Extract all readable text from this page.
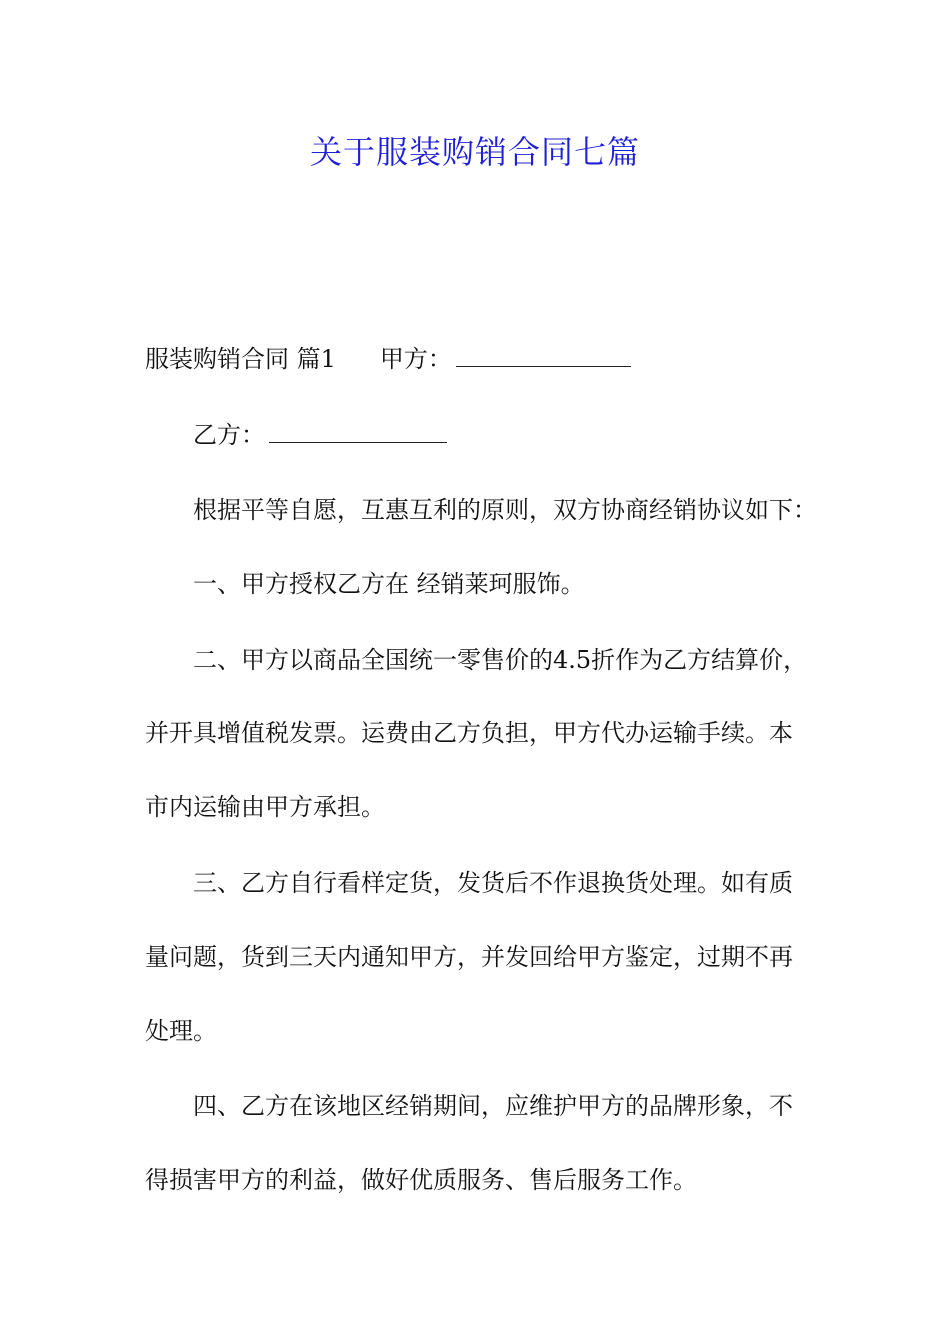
关于服装购销合同七篇
服装购销合同 篇1 甲方：
乙方：
根据平等自愿，互惠互利的原则，双方协商经销协议如下：
一、甲方授权乙方在 经销莱珂服饰。
二、甲方以商品全国统一零售价的4.5折作为乙方结算价，
并开具增值税发票。运费由乙方负担，甲方代办运输手续。本
市内运输由甲方承担。
三、乙方自行看样定货，发货后不作退换货处理。如有质
量问题，货到三天内通知甲方，并发回给甲方鉴定，过期不再
处理。
四、乙方在该地区经销期间，应维护甲方的品牌形象，不
得损害甲方的利益，做好优质服务、售后服务工作。
